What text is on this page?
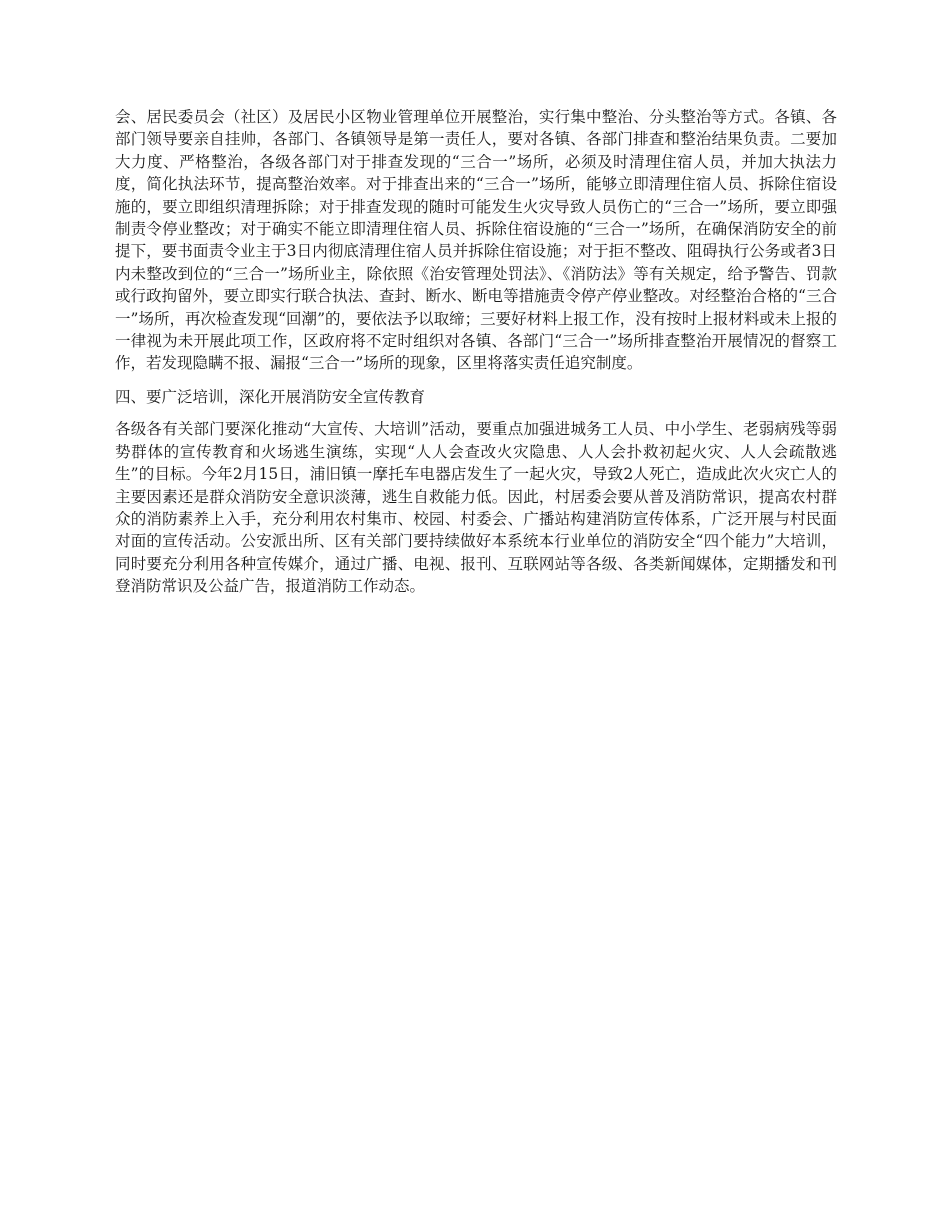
会、居民委员会（社区）及居民小区物业管理单位开展整治，实行集中整治、分头整治等方式。各镇、各部门领导要亲自挂帅，各部门、各镇领导是第一责任人，要对各镇、各部门排查和整治结果负责。二要加大力度、严格整治，各级各部门对于排查发现的“三合一”场所，必须及时清理住宿人员，并加大执法力度，简化执法环节，提高整治效率。对于排查出来的“三合一”场所，能够立即清理住宿人员、拆除住宿设施的，要立即组织清理拆除；对于排查发现的随时可能发生火灾导致人员伤亡的“三合一”场所，要立即强制责令停业整改；对于确实不能立即清理住宿人员、拆除住宿设施的“三合一”场所，在确保消防安全的前提下，要书面责令业主于3日内彻底清理住宿人员并拆除住宿设施；对于拒不整改、阻碍执行公务或者3日内未整改到位的“三合一”场所业主，除依照《治安管理处罚法》、《消防法》等有关规定，给予警告、罚款或行政拘留外，要立即实行联合执法、查封、断水、断电等措施责令停产停业整改。对经整治合格的“三合一”场所，再次检查发现“回潮”的，要依法予以取缔；三要好材料上报工作，没有按时上报材料或未上报的一律视为未开展此项工作，区政府将不定时组织对各镇、各部门“三合一”场所排查整治开展情况的督察工作，若发现隐瞒不报、漏报“三合一”场所的现象，区里将落实责任追究制度。

四、要广泛培训，深化开展消防安全宣传教育

各级各有关部门要深化推动“大宣传、大培训”活动，要重点加强进城务工人员、中小学生、老弱病残等弱势群体的宣传教育和火场逃生演练，实现“人人会查改火灾隐患、人人会扑救初起火灾、人人会疏散逃生”的目标。今年2月15日，浦旧镇一摩托车电器店发生了一起火灾，导致2人死亡，造成此次火灾亡人的主要因素还是群众消防安全意识淡薄，逃生自救能力低。因此，村居委会要从普及消防常识，提高农村群众的消防素养上入手，充分利用农村集市、校园、村委会、广播站构建消防宣传体系，广泛开展与村民面对面的宣传活动。公安派出所、区有关部门要持续做好本系统本行业单位的消防安全“四个能力”大培训，同时要充分利用各种宣传媒介，通过广播、电视、报刊、互联网站等各级、各类新闻媒体，定期播发和刊登消防常识及公益广告，报道消防工作动态。
